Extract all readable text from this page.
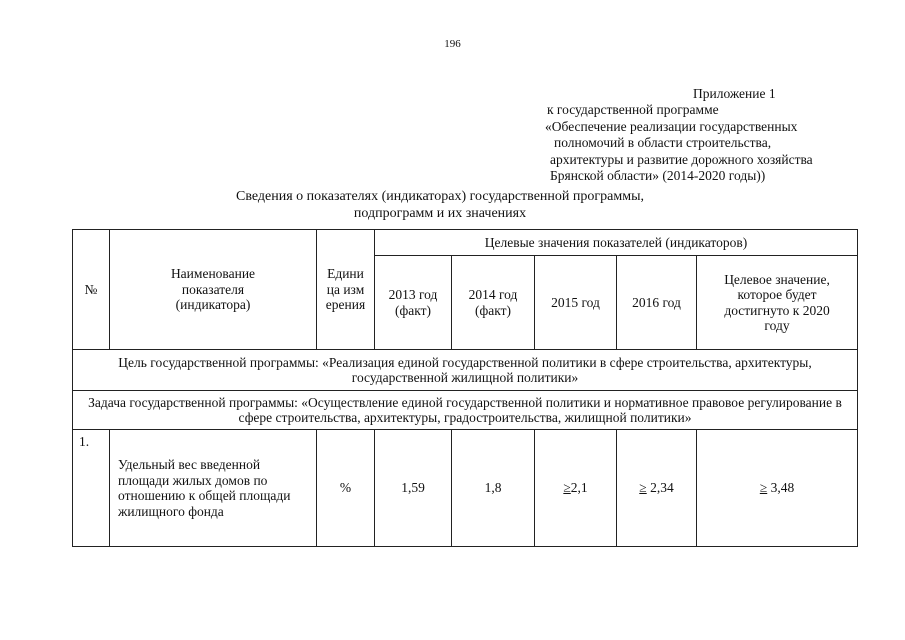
196
Приложение 1
к государственной программе
«Обеспечение реализации государственных
полномочий в области строительства,
архитектуры и развитие дорожного хозяйства
Брянской области» (2014-2020 годы))
Сведения о показателях (индикаторах) государственной программы,
подпрограмм и их значениях
№	Наименование показателя (индикатора)	Единица измерения	Целевые значения показателей (индикаторов)				

			2013 год (факт)	2014 год (факт)	2015 год	2016 год	Целевое значение, которое будет достигнуто к 2020 году

Цель государственной программы: «Реализация единой государственной политики в сфере строительства, архитектуры, государственной жилищной политики»							

Задача государственной программы: «Осуществление единой государственной политики и нормативное правовое регулирование в сфере строительства, архитектуры, градостроительства, жилищной политики»							

1.	Удельный вес введенной площади жилых домов по отношению к общей площади жилищного фонда	%	1,59	1,8	≥2,1	≥ 2,34	≥ 3,48
